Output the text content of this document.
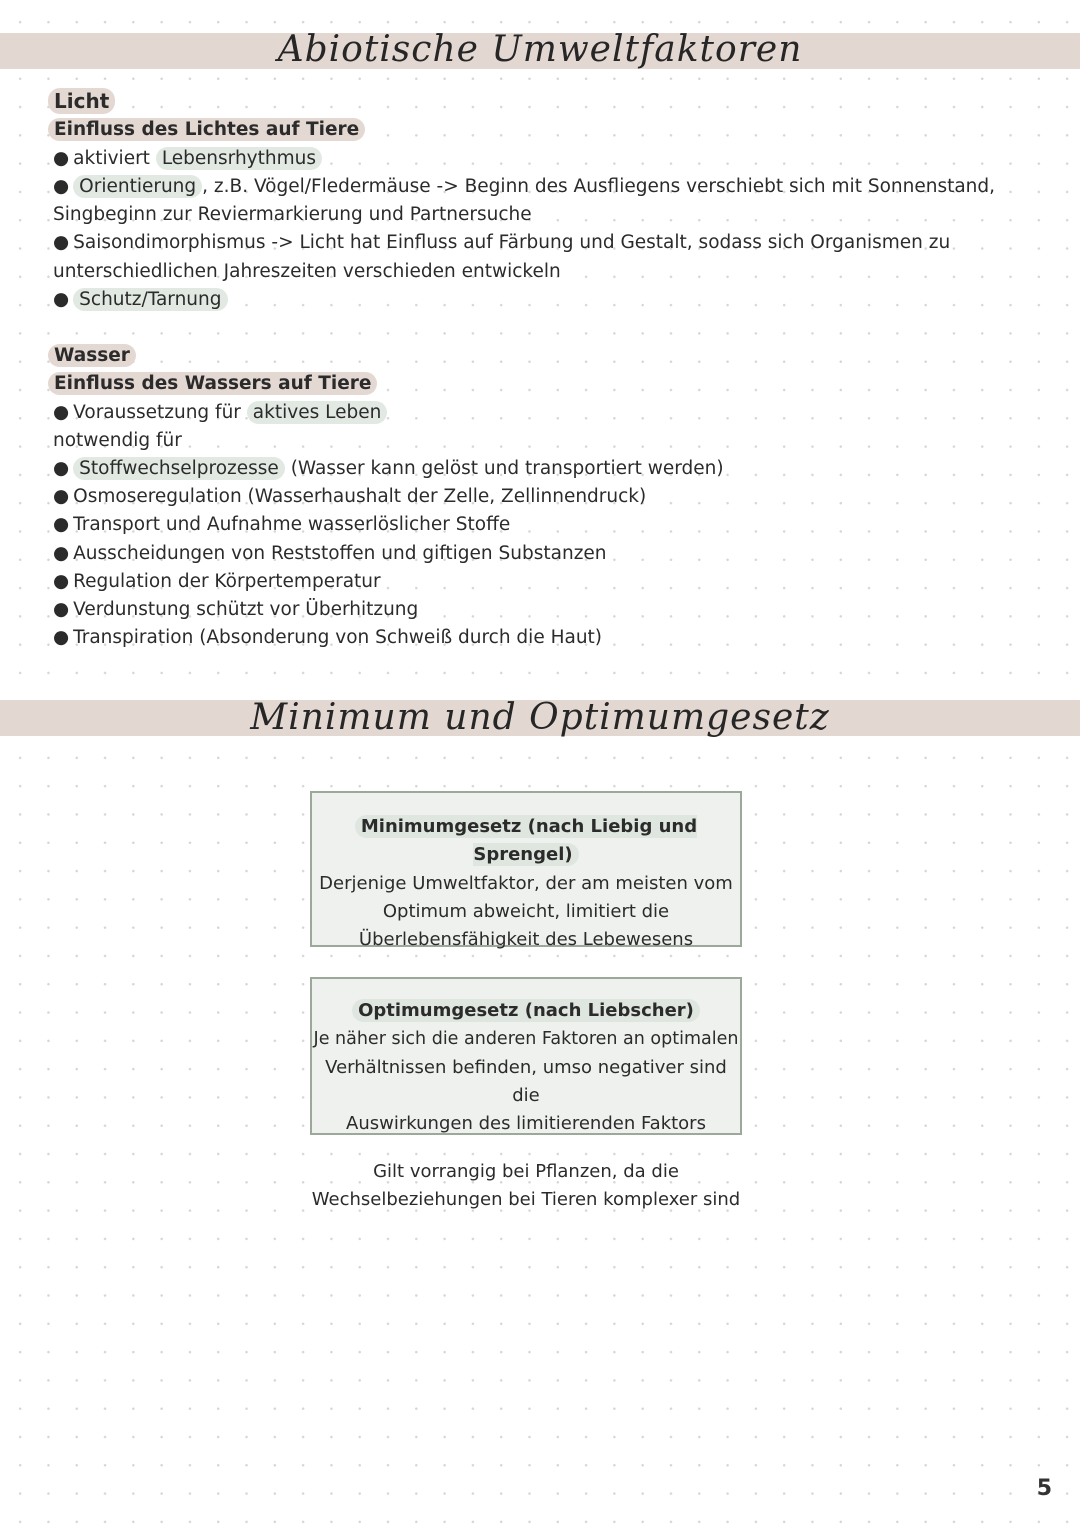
Abiotische Umweltfaktoren
Licht
Einfluss des Lichtes auf Tiere
● aktiviert Lebensrhythmus
● Orientierung , z.B. Vögel/Fledermäuse -> Beginn des Ausfliegens verschiebt sich mit Sonnenstand,
Singbeginn zur Reviermarkierung und Partnersuche
● Saisondimorphismus -> Licht hat Einfluss auf Färbung und Gestalt, sodass sich Organismen zu
unterschiedlichen Jahreszeiten verschieden entwickeln
● Schutz/Tarnung
Wasser
Einfluss des Wassers auf Tiere
● Voraussetzung für aktives Leben
notwendig für
● Stoffwechselprozesse (Wasser kann gelöst und transportiert werden)
● Osmoseregulation (Wasserhaushalt der Zelle, Zellinnendruck)
● Transport und Aufnahme wasserlöslicher Stoffe
● Ausscheidungen von Reststoffen und giftigen Substanzen
● Regulation der Körpertemperatur
● Verdunstung schützt vor Überhitzung
● Transpiration (Absonderung von Schweiß durch die Haut)
Minimum und Optimumgesetz
Minimumgesetz (nach Liebig und Sprengel)
Derjenige Umweltfaktor, der am meisten vom
Optimum abweicht, limitiert die
Überlebensfähigkeit des Lebewesens
Optimumgesetz (nach Liebscher)
Je näher sich die anderen Faktoren an optimalen
Verhältnissen befinden, umso negativer sind die
Auswirkungen des limitierenden Faktors
Gilt vorrangig bei Pflanzen, da die
Wechselbeziehungen bei Tieren komplexer sind
5
